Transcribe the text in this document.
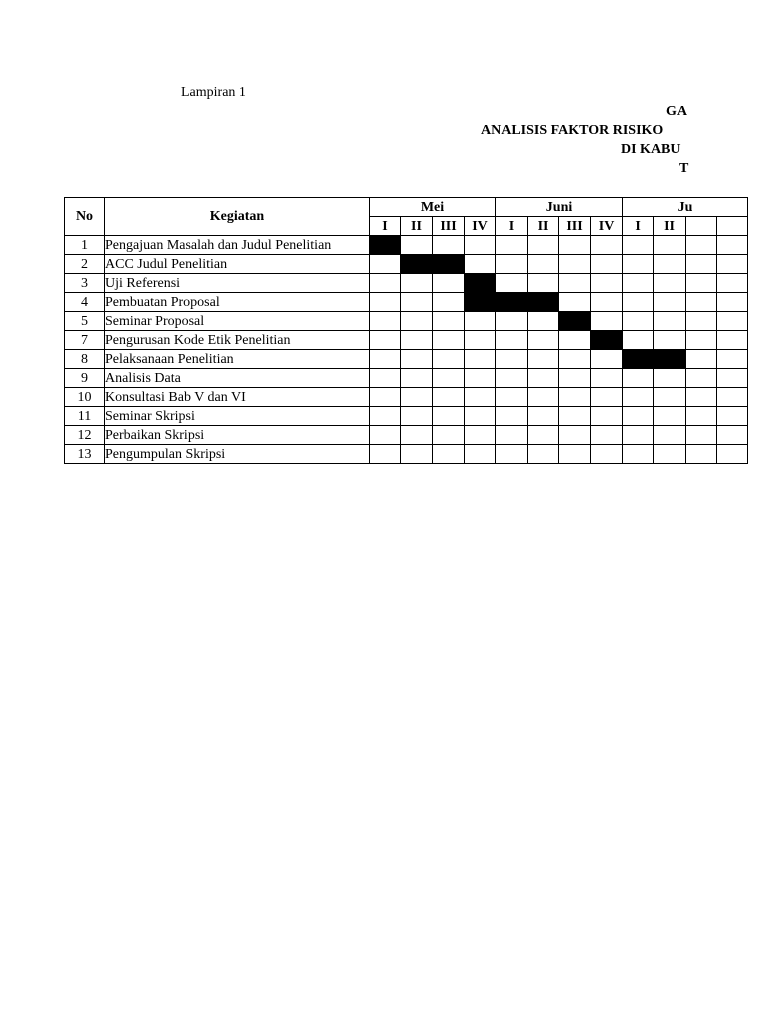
Lampiran 1
GA
ANALISIS FAKTOR RISIKO
DI KABU
T
No	Kegiatan	Mei				Juni				Ju			
		I	II	III	IV	I	II	III	IV	I	II		
1	Pengajuan Masalah dan Judul Penelitian												
2	ACC Judul Penelitian												
3	Uji Referensi												
4	Pembuatan Proposal												
5	Seminar Proposal												
7	Pengurusan Kode Etik Penelitian												
8	Pelaksanaan Penelitian												
9	Analisis Data												
10	Konsultasi Bab V dan VI												
11	Seminar Skripsi												
12	Perbaikan Skripsi												
13	Pengumpulan Skripsi												
